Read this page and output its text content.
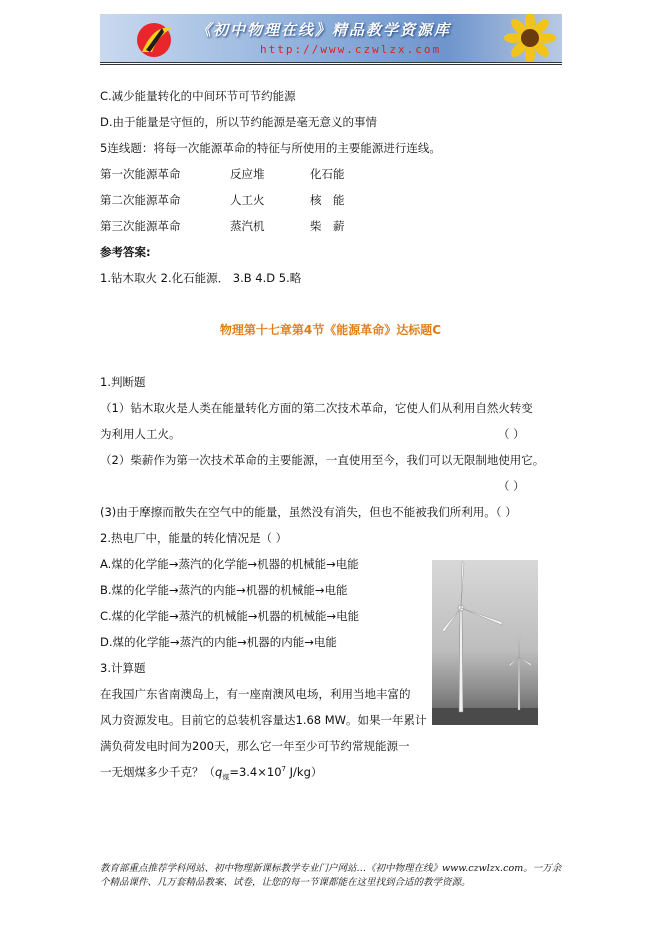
《初中物理在线》精品教学资源库
http://www.czwlzx.com
C.减少能量转化的中间环节可节约能源
D.由于能量是守恒的，所以节约能源是毫无意义的事情
5连线题：将每一次能源革命的特征与所使用的主要能源进行连线。
第一次能源革命	反应堆	化石能
第二次能源革命	人工火	核　能
第三次能源革命	蒸汽机	柴　薪
参考答案:
1.钻木取火 2.化石能源． 3.B 4.D 5.略
物理第十七章第4节《能源革命》达标题C
1.判断题
（1）钻木取火是人类在能量转化方面的第二次技术革命，它使人们从利用自然火转变
为利用人工火。	（ ）
（2）柴薪作为第一次技术革命的主要能源，一直使用至今，我们可以无限制地使用它。
（ ）
(3)由于摩擦而散失在空气中的能量，虽然没有消失，但也不能被我们所利用。（ ）
2.热电厂中，能量的转化情况是（ ）
A.煤的化学能→蒸汽的化学能→机器的机械能→电能
B.煤的化学能→蒸汽的内能→机器的机械能→电能
C.煤的化学能→蒸汽的机械能→机器的机械能→电能
D.煤的化学能→蒸汽的内能→机器的内能→电能
3.计算题
在我国广东省南澳岛上，有一座南澳风电场，利用当地丰富的
风力资源发电。目前它的总装机容量达1.68 MW。如果一年累计
满负荷发电时间为200天，那么它一年至少可节约常规能源一
一无烟煤多少千克？（$q_煤=3.4\times 10^7$ J/kg）
教育部重点推荐学科网站、初中物理新课标教学专业门户网站…《初中物理在线》www.czwlzx.com。一万余个精品课件、几万套精品教案、试卷，让您的每一节课都能在这里找到合适的教学资源。
